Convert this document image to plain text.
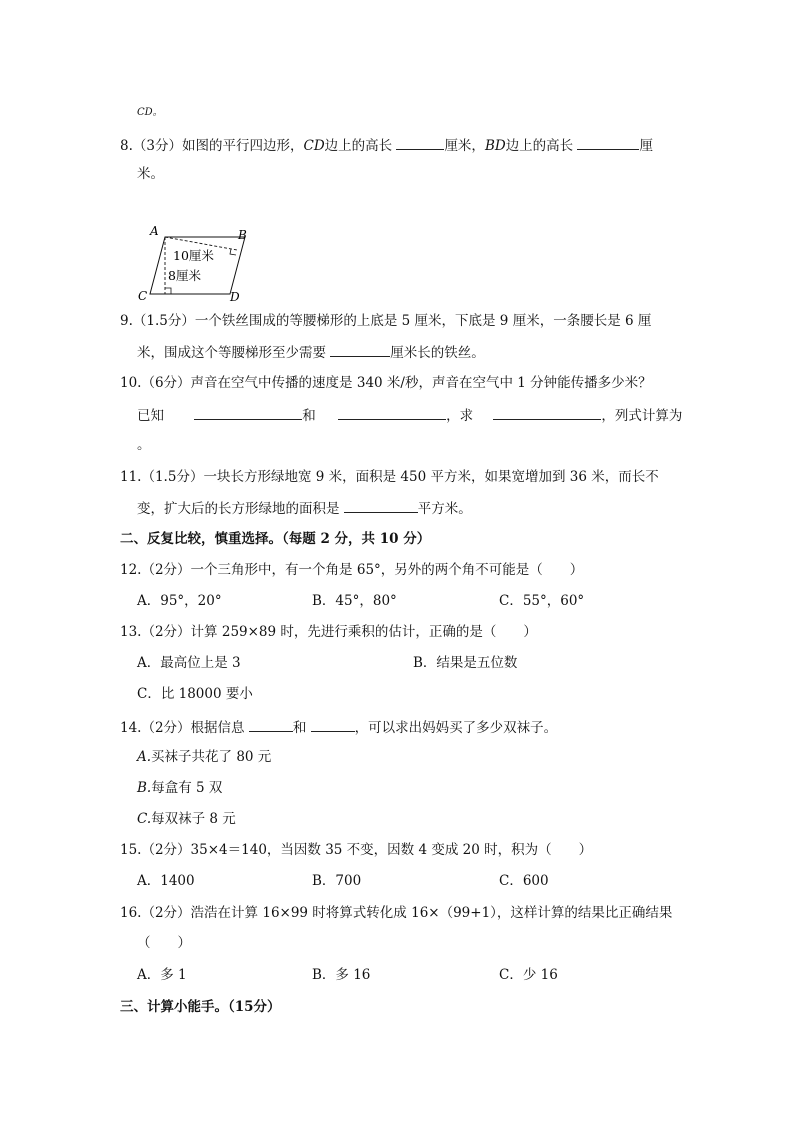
CD。
8.（3分）如图的平行四边形，CD边上的高长	厘米，BD边上的高长	厘
米。
A	B
C	D
10厘米
8厘米
9.（1.5分）一个铁丝围成的等腰梯形的上底是 5 厘米，下底是 9 厘米，一条腰长是 6 厘
米，围成这个等腰梯形至少需要	厘米长的铁丝。
10.（6分）声音在空气中传播的速度是 340 米/秒，声音在空气中 1 分钟能传播多少米？
已知	和	，求	，列式计算为
。
11.（1.5分）一块长方形绿地宽 9 米，面积是 450 平方米，如果宽增加到 36 米，而长不
变，扩大后的长方形绿地的面积是	平方米。
二、反复比较，慎重选择。（每题 2 分，共 10 分）
12.（2分）一个三角形中，有一个角是 65°，另外的两个角不可能是（　　）
A．95°，20°	B．45°，80°	C．55°，60°
13.（2分）计算 259×89 时，先进行乘积的估计，正确的是（　　）
A．最高位上是 3	B．结果是五位数
C．比 18000 要小
14.（2分）根据信息	和	，可以求出妈妈买了多少双袜子。
A.买袜子共花了 80 元
B.每盒有 5 双
C.每双袜子 8 元
15.（2分）35×4＝140，当因数 35 不变，因数 4 变成 20 时，积为（　　）
A．1400	B．700	C．600
16.（2分）浩浩在计算 16×99 时将算式转化成 16×（99+1），这样计算的结果比正确结果
（　　）
A．多 1	B．多 16	C．少 16
三、计算小能手。（15分）
